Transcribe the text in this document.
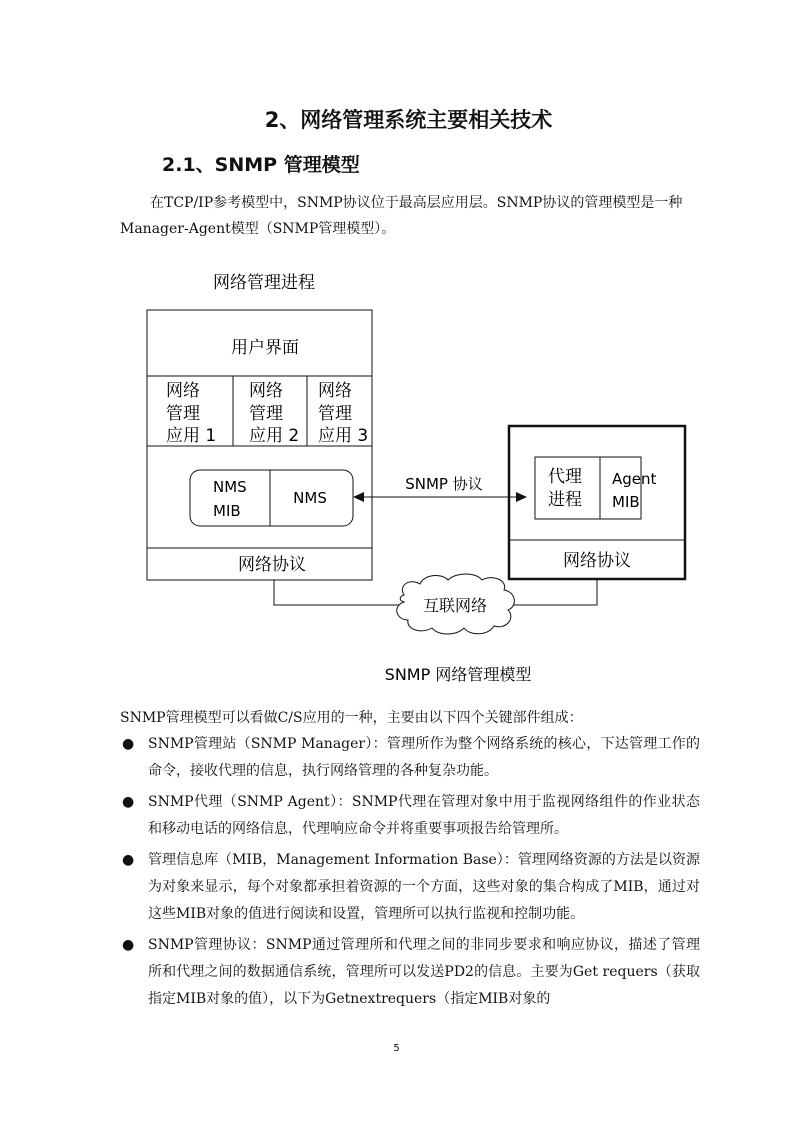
2、网络管理系统主要相关技术
2.1、SNMP 管理模型
在TCP/IP参考模型中，SNMP协议位于最高层应用层。SNMP协议的管理模型是一种Manager-Agent模型（SNMP管理模型）。
网络管理进程
用户界面
网络
管理
应用 1
网络
管理
应用 2
网络
管理
应用 3
NMS
MIB
NMS
网络协议
SNMP 协议	代理
进程
Agent
MIB
网络协议
互联网络
SNMP 网络管理模型
SNMP管理模型可以看做C/S应用的一种，主要由以下四个关键部件组成：
● SNMP管理站（SNMP Manager）：管理所作为整个网络系统的核心，下达管理工作的命令，接收代理的信息，执行网络管理的各种复杂功能。
● SNMP代理（SNMP Agent）：SNMP代理在管理对象中用于监视网络组件的作业状态和移动电话的网络信息，代理响应命令并将重要事项报告给管理所。
● 管理信息库（MIB，Management Information Base）：管理网络资源的方法是以资源为对象来显示，每个对象都承担着资源的一个方面，这些对象的集合构成了MIB，通过对这些MIB对象的值进行阅读和设置，管理所可以执行监视和控制功能。
● SNMP管理协议：SNMP通过管理所和代理之间的非同步要求和响应协议，描述了管理所和代理之间的数据通信系统，管理所可以发送PD2的信息。主要为Get requers（获取指定MIB对象的值），以下为Getnextrequers（指定MIB对象的
5
